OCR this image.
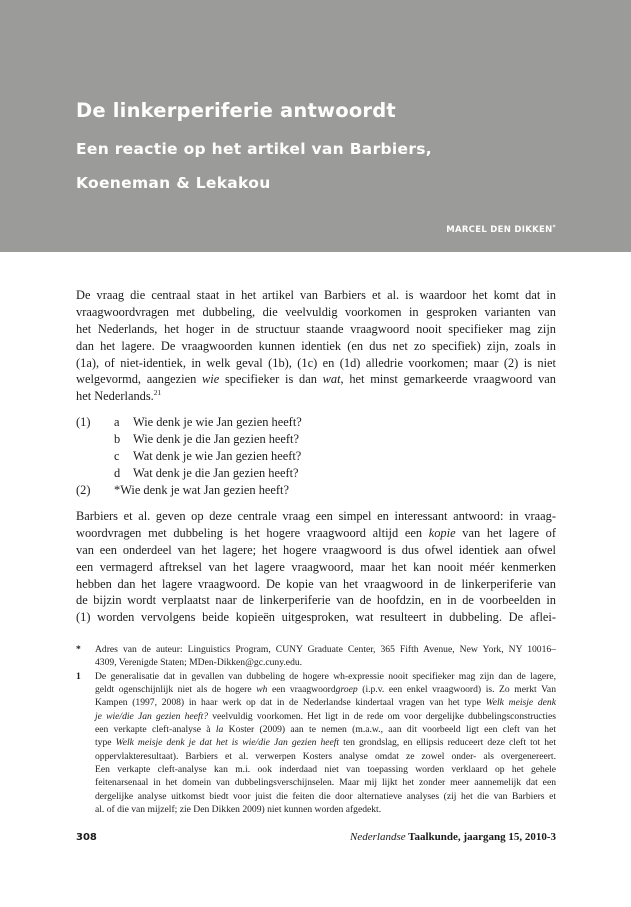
De linkerperiferie antwoordt
Een reactie op het artikel van Barbiers,
Koeneman & Lekakou
MARCEL DEN DIKKEN*
De vraag die centraal staat in het artikel van Barbiers et al. is waardoor het komt dat in
vraagwoordvragen met dubbeling, die veelvuldig voorkomen in gesproken varianten van
het Nederlands, het hoger in de structuur staande vraagwoord nooit specifieker mag zijn
dan het lagere. De vraagwoorden kunnen identiek (en dus net zo specifiek) zijn, zoals in
(1a), of niet-identiek, in welk geval (1b), (1c) en (1d) alledrie voorkomen; maar (2) is niet
welgevormd, aangezien wie specifieker is dan wat, het minst gemarkeerde vraagwoord van
het Nederlands.$^{21}$
(1) a Wie denk je wie Jan gezien heeft?
b Wie denk je die Jan gezien heeft?
c Wat denk je wie Jan gezien heeft?
d Wat denk je die Jan gezien heeft?
(2) *Wie denk je wat Jan gezien heeft?
Barbiers et al. geven op deze centrale vraag een simpel en interessant antwoord: in vraag-
woordvragen met dubbeling is het hogere vraagwoord altijd een kopie van het lagere of
van een onderdeel van het lagere; het hogere vraagwoord is dus ofwel identiek aan ofwel
een vermagerd aftreksel van het lagere vraagwoord, maar het kan nooit méér kenmerken
hebben dan het lagere vraagwoord. De kopie van het vraagwoord in de linkerperiferie van
de bijzin wordt verplaatst naar de linkerperiferie van de hoofdzin, en in de voorbeelden in
(1) worden vervolgens beide kopieën uitgesproken, wat resulteert in dubbeling. De aflei-
* Adres van de auteur: Linguistics Program, CUNY Graduate Center, 365 Fifth Avenue, New York, NY 10016–
4309, Verenigde Staten; MDen-Dikken@gc.cuny.edu.
1 De generalisatie dat in gevallen van dubbeling de hogere wh-expressie nooit specifieker mag zijn dan de lagere,
geldt ogenschijnlijk niet als de hogere wh een vraagwoordgroep (i.p.v. een enkel vraagwoord) is. Zo merkt Van
Kampen (1997, 2008) in haar werk op dat in de Nederlandse kindertaal vragen van het type Welk meisje denk
je wie/die Jan gezien heeft? veelvuldig voorkomen. Het ligt in de rede om voor dergelijke dubbelingsconstructies
een verkapte cleft-analyse à la Koster (2009) aan te nemen (m.a.w., aan dit voorbeeld ligt een cleft van het
type Welk meisje denk je dat het is wie/die Jan gezien heeft ten grondslag, en ellipsis reduceert deze cleft tot het
oppervlakteresultaat). Barbiers et al. verwerpen Kosters analyse omdat ze zowel onder- als overgenereert.
Een verkapte cleft-analyse kan m.i. ook inderdaad niet van toepassing worden verklaard op het gehele
feitenarsenaal in het domein van dubbelingsverschijnselen. Maar mij lijkt het zonder meer aannemelijk dat een
dergelijke analyse uitkomst biedt voor juist die feiten die door alternatieve analyses (zij het die van Barbiers et
al. of die van mijzelf; zie Den Dikken 2009) niet kunnen worden afgedekt.
308	Nederlandse Taalkunde, jaargang 15, 2010-3
